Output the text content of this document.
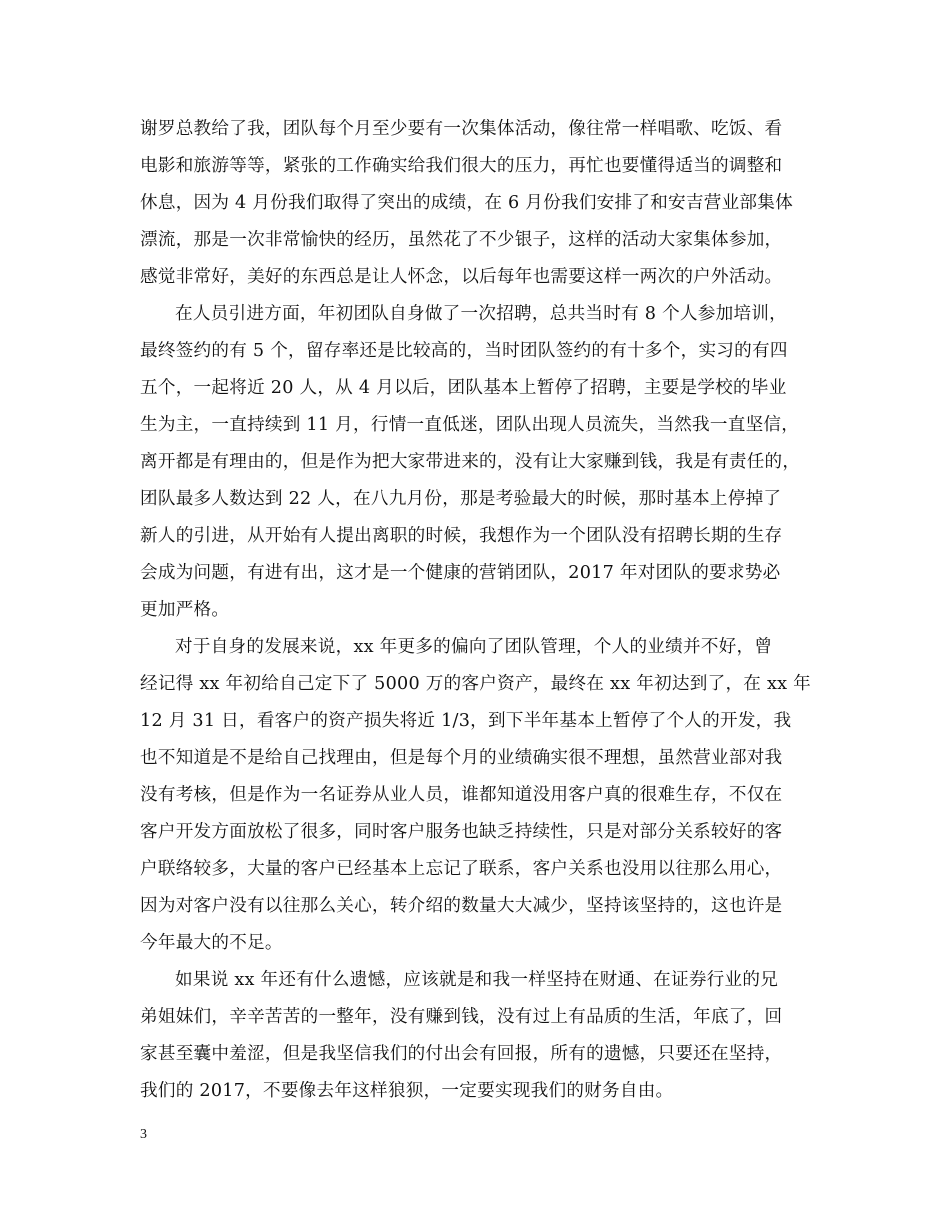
谢罗总教给了我，团队每个月至少要有一次集体活动，像往常一样唱歌、吃饭、看
电影和旅游等等，紧张的工作确实给我们很大的压力，再忙也要懂得适当的调整和
休息，因为 4 月份我们取得了突出的成绩，在 6 月份我们安排了和安吉营业部集体
漂流，那是一次非常愉快的经历，虽然花了不少银子，这样的活动大家集体参加，
感觉非常好，美好的东西总是让人怀念，以后每年也需要这样一两次的户外活动。
在人员引进方面，年初团队自身做了一次招聘，总共当时有 8 个人参加培训，
最终签约的有 5 个，留存率还是比较高的，当时团队签约的有十多个，实习的有四
五个，一起将近 20 人，从 4 月以后，团队基本上暂停了招聘，主要是学校的毕业
生为主，一直持续到 11 月，行情一直低迷，团队出现人员流失，当然我一直坚信，
离开都是有理由的，但是作为把大家带进来的，没有让大家赚到钱，我是有责任的，
团队最多人数达到 22 人，在八九月份，那是考验最大的时候，那时基本上停掉了
新人的引进，从开始有人提出离职的时候，我想作为一个团队没有招聘长期的生存
会成为问题，有进有出，这才是一个健康的营销团队，2017 年对团队的要求势必
更加严格。
对于自身的发展来说，xx 年更多的偏向了团队管理，个人的业绩并不好，曾
经记得 xx 年初给自己定下了 5000 万的客户资产，最终在 xx 年初达到了，在 xx 年
12 月 31 日，看客户的资产损失将近 1/3，到下半年基本上暂停了个人的开发，我
也不知道是不是给自己找理由，但是每个月的业绩确实很不理想，虽然营业部对我
没有考核，但是作为一名证券从业人员，谁都知道没用客户真的很难生存，不仅在
客户开发方面放松了很多，同时客户服务也缺乏持续性，只是对部分关系较好的客
户联络较多，大量的客户已经基本上忘记了联系，客户关系也没用以往那么用心，
因为对客户没有以往那么关心，转介绍的数量大大减少，坚持该坚持的，这也许是
今年最大的不足。
如果说 xx 年还有什么遗憾，应该就是和我一样坚持在财通、在证券行业的兄
弟姐妹们，辛辛苦苦的一整年，没有赚到钱，没有过上有品质的生活，年底了，回
家甚至囊中羞涩，但是我坚信我们的付出会有回报，所有的遗憾，只要还在坚持，
我们的 2017，不要像去年这样狼狈，一定要实现我们的财务自由。
3
